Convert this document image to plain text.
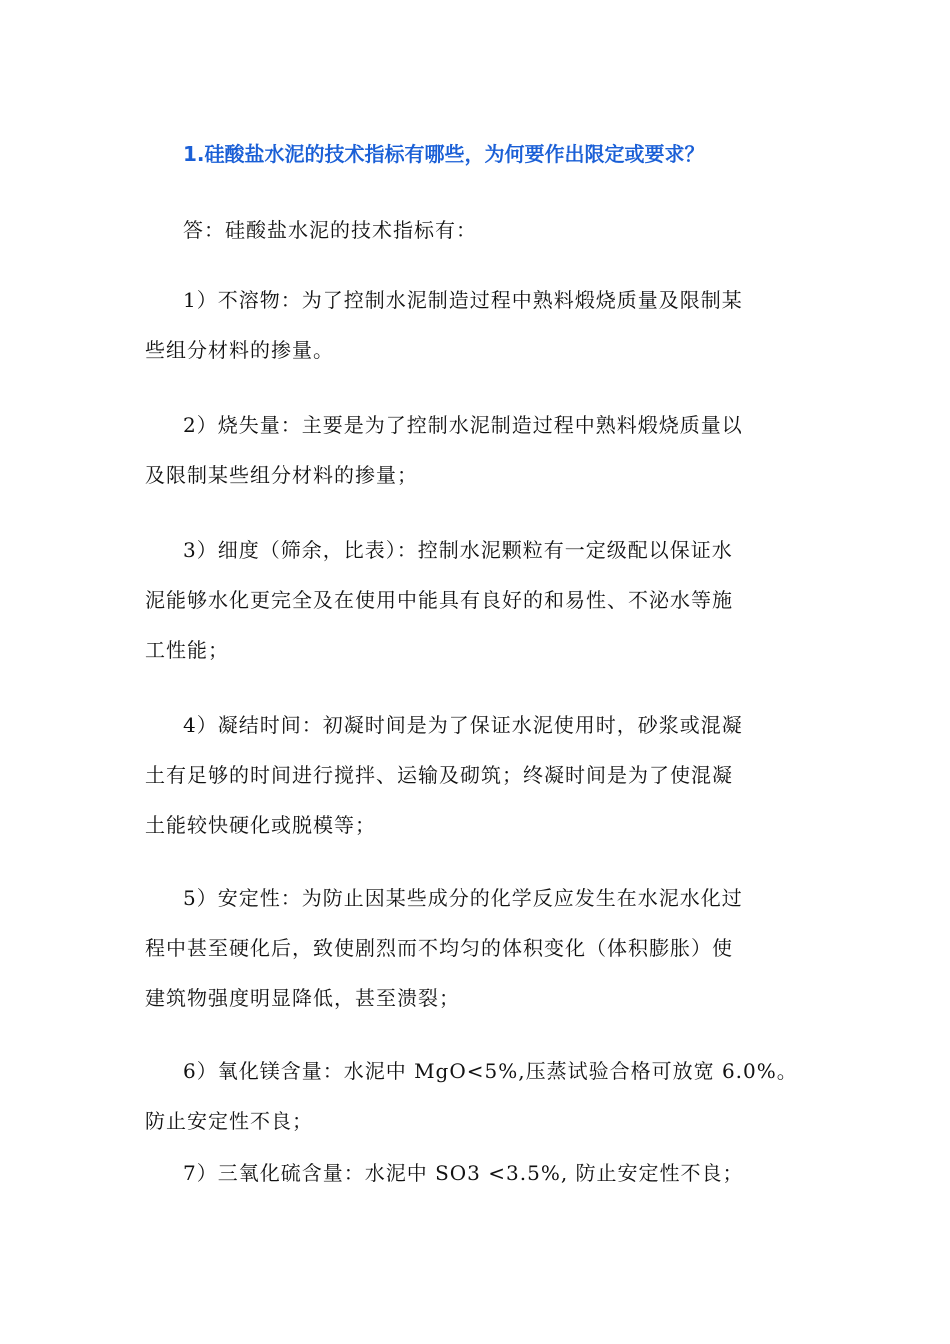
1.硅酸盐水泥的技术指标有哪些，为何要作出限定或要求？
答：硅酸盐水泥的技术指标有：
1）不溶物：为了控制水泥制造过程中熟料煅烧质量及限制某
些组分材料的掺量。
2）烧失量：主要是为了控制水泥制造过程中熟料煅烧质量以
及限制某些组分材料的掺量；
3）细度（筛余，比表）：控制水泥颗粒有一定级配以保证水
泥能够水化更完全及在使用中能具有良好的和易性、不泌水等施
工性能；
4）凝结时间：初凝时间是为了保证水泥使用时，砂浆或混凝
土有足够的时间进行搅拌、运输及砌筑；终凝时间是为了使混凝
土能较快硬化或脱模等；
5）安定性：为防止因某些成分的化学反应发生在水泥水化过
程中甚至硬化后，致使剧烈而不均匀的体积变化（体积膨胀）使
建筑物强度明显降低，甚至溃裂；
6）氧化镁含量：水泥中 MgO<5%,压蒸试验合格可放宽 6.0%。
防止安定性不良；
7）三氧化硫含量：水泥中 SO3 <3.5%, 防止安定性不良；
